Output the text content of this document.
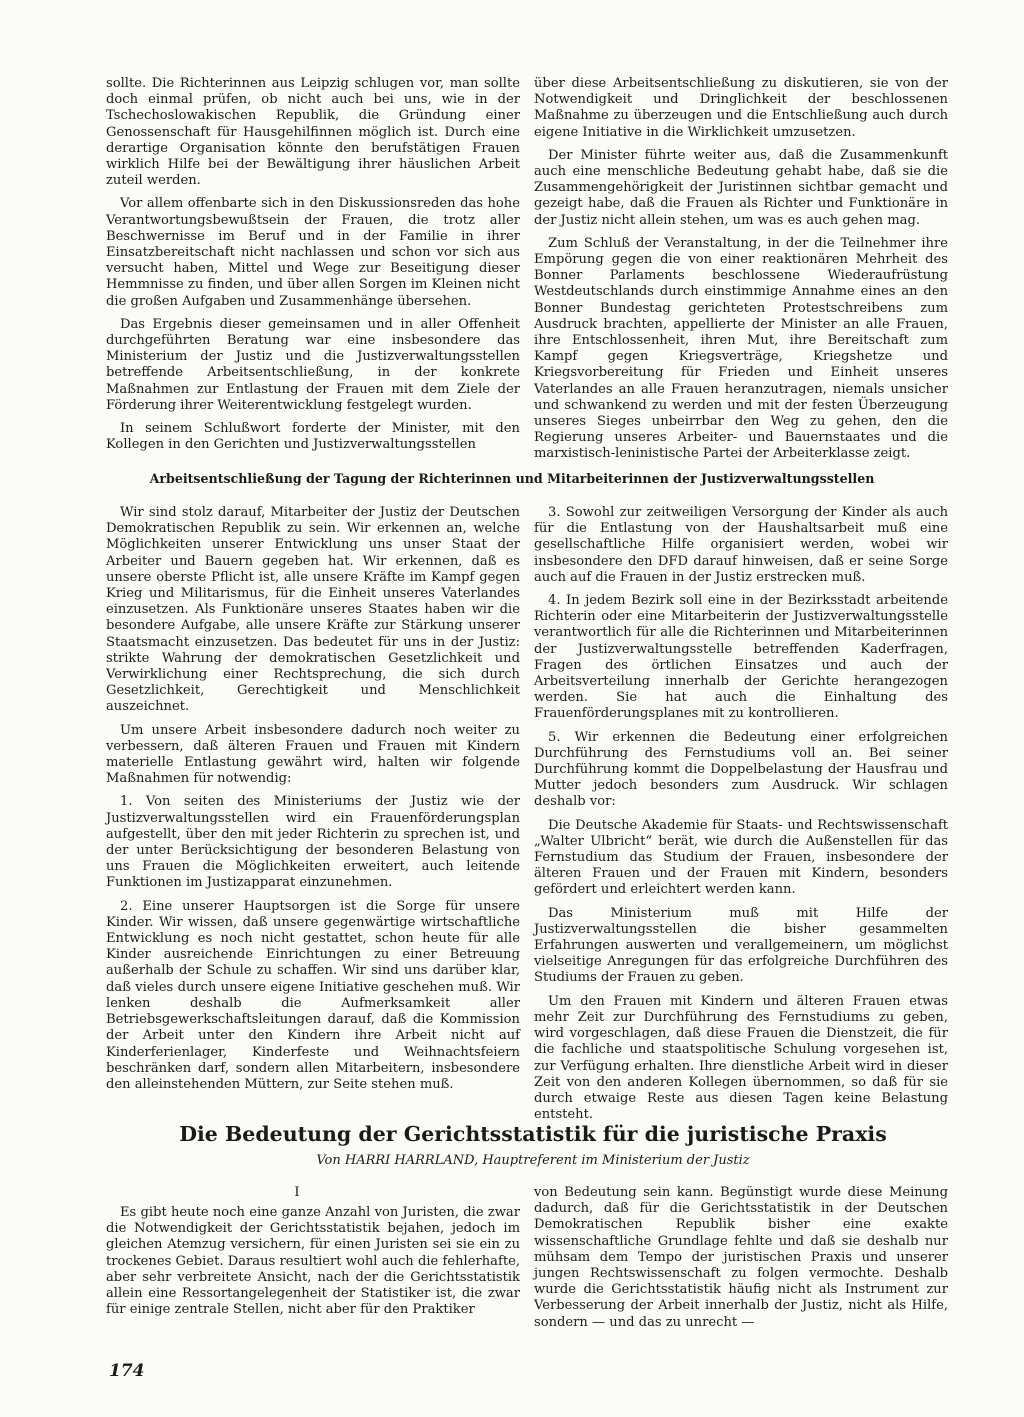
sollte. Die Richterinnen aus Leipzig schlugen vor, man sollte doch einmal prüfen, ob nicht auch bei uns, wie in der Tschechoslowakischen Republik, die Gründung einer Genossenschaft für Hausgehilfinnen möglich ist. Durch eine derartige Organisation könnte den berufstätigen Frauen wirklich Hilfe bei der Bewältigung ihrer häuslichen Arbeit zuteil werden.

Vor allem offenbarte sich in den Diskussionsreden das hohe Verantwortungsbewußtsein der Frauen, die trotz aller Beschwernisse im Beruf und in der Familie in ihrer Einsatzbereitschaft nicht nachlassen und schon vor sich aus versucht haben, Mittel und Wege zur Beseitigung dieser Hemmnisse zu finden, und über allen Sorgen im Kleinen nicht die großen Aufgaben und Zusammenhänge übersehen.

Das Ergebnis dieser gemeinsamen und in aller Offenheit durchgeführten Beratung war eine insbesondere das Ministerium der Justiz und die Justizverwaltungsstellen betreffende Arbeitsentschließung, in der konkrete Maßnahmen zur Entlastung der Frauen mit dem Ziele der Förderung ihrer Weiterentwicklung festgelegt wurden.

In seinem Schlußwort forderte der Minister, mit den Kollegen in den Gerichten und Justizverwaltungsstellen

über diese Arbeitsentschließung zu diskutieren, sie von der Notwendigkeit und Dringlichkeit der beschlossenen Maßnahme zu überzeugen und die Entschließung auch durch eigene Initiative in die Wirklichkeit umzusetzen.

Der Minister führte weiter aus, daß die Zusammenkunft auch eine menschliche Bedeutung gehabt habe, daß sie die Zusammengehörigkeit der Juristinnen sichtbar gemacht und gezeigt habe, daß die Frauen als Richter und Funktionäre in der Justiz nicht allein stehen, um was es auch gehen mag.

Zum Schluß der Veranstaltung, in der die Teilnehmer ihre Empörung gegen die von einer reaktionären Mehrheit des Bonner Parlaments beschlossene Wiederaufrüstung Westdeutschlands durch einstimmige Annahme eines an den Bonner Bundestag gerichteten Protestschreibens zum Ausdruck brachten, appellierte der Minister an alle Frauen, ihre Entschlossenheit, ihren Mut, ihre Bereitschaft zum Kampf gegen Kriegsverträge, Kriegshetze und Kriegsvorbereitung für Frieden und Einheit unseres Vaterlandes an alle Frauen heranzutragen, niemals unsicher und schwankend zu werden und mit der festen Überzeugung unseres Sieges unbeirrbar den Weg zu gehen, den die Regierung unseres Arbeiter- und Bauernstaates und die marxistisch-leninistische Partei der Arbeiterklasse zeigt.

Arbeitsentschließung der Tagung der Richterinnen und Mitarbeiterinnen der Justizverwaltungsstellen

Wir sind stolz darauf, Mitarbeiter der Justiz der Deutschen Demokratischen Republik zu sein. Wir erkennen an, welche Möglichkeiten unserer Entwicklung uns unser Staat der Arbeiter und Bauern gegeben hat. Wir erkennen, daß es unsere oberste Pflicht ist, alle unsere Kräfte im Kampf gegen Krieg und Militarismus, für die Einheit unseres Vaterlandes einzusetzen. Als Funktionäre unseres Staates haben wir die besondere Aufgabe, alle unsere Kräfte zur Stärkung unserer Staatsmacht einzusetzen. Das bedeutet für uns in der Justiz: strikte Wahrung der demokratischen Gesetzlichkeit und Verwirklichung einer Rechtsprechung, die sich durch Gesetzlichkeit, Gerechtigkeit und Menschlichkeit auszeichnet.

Um unsere Arbeit insbesondere dadurch noch weiter zu verbessern, daß älteren Frauen und Frauen mit Kindern materielle Entlastung gewährt wird, halten wir folgende Maßnahmen für notwendig:

1. Von seiten des Ministeriums der Justiz wie der Justizverwaltungsstellen wird ein Frauenförderungsplan aufgestellt, über den mit jeder Richterin zu sprechen ist, und der unter Berücksichtigung der besonderen Belastung von uns Frauen die Möglichkeiten erweitert, auch leitende Funktionen im Justizapparat einzunehmen.

2. Eine unserer Hauptsorgen ist die Sorge für unsere Kinder. Wir wissen, daß unsere gegenwärtige wirtschaftliche Entwicklung es noch nicht gestattet, schon heute für alle Kinder ausreichende Einrichtungen zu einer Betreuung außerhalb der Schule zu schaffen. Wir sind uns darüber klar, daß vieles durch unsere eigene Initiative geschehen muß. Wir lenken deshalb die Aufmerksamkeit aller Betriebsgewerkschaftsleitungen darauf, daß die Kommission der Arbeit unter den Kindern ihre Arbeit nicht auf Kinderferienlager, Kinderfeste und Weihnachtsfeiern beschränken darf, sondern allen Mitarbeitern, insbesondere den alleinstehenden Müttern, zur Seite stehen muß.

3. Sowohl zur zeitweiligen Versorgung der Kinder als auch für die Entlastung von der Haushaltsarbeit muß eine gesellschaftliche Hilfe organisiert werden, wobei wir insbesondere den DFD darauf hinweisen, daß er seine Sorge auch auf die Frauen in der Justiz erstrecken muß.

4. In jedem Bezirk soll eine in der Bezirksstadt arbeitende Richterin oder eine Mitarbeiterin der Justizverwaltungsstelle verantwortlich für alle die Richterinnen und Mitarbeiterinnen der Justizverwaltungsstelle betreffenden Kaderfragen, Fragen des örtlichen Einsatzes und auch der Arbeitsverteilung innerhalb der Gerichte herangezogen werden. Sie hat auch die Einhaltung des Frauenförderungsplanes mit zu kontrollieren.

5. Wir erkennen die Bedeutung einer erfolgreichen Durchführung des Fernstudiums voll an. Bei seiner Durchführung kommt die Doppelbelastung der Hausfrau und Mutter jedoch besonders zum Ausdruck. Wir schlagen deshalb vor:

Die Deutsche Akademie für Staats- und Rechtswissenschaft „Walter Ulbricht“ berät, wie durch die Außenstellen für das Fernstudium das Studium der Frauen, insbesondere der älteren Frauen und der Frauen mit Kindern, besonders gefördert und erleichtert werden kann.

Das Ministerium muß mit Hilfe der Justizverwaltungsstellen die bisher gesammelten Erfahrungen auswerten und verallgemeinern, um möglichst vielseitige Anregungen für das erfolgreiche Durchführen des Studiums der Frauen zu geben.

Um den Frauen mit Kindern und älteren Frauen etwas mehr Zeit zur Durchführung des Fernstudiums zu geben, wird vorgeschlagen, daß diese Frauen die Dienstzeit, die für die fachliche und staatspolitische Schulung vorgesehen ist, zur Verfügung erhalten. Ihre dienstliche Arbeit wird in dieser Zeit von den anderen Kollegen übernommen, so daß für sie durch etwaige Reste aus diesen Tagen keine Belastung entsteht.

Die Bedeutung der Gerichtsstatistik für die juristische Praxis
Von HARRI HARRLAND, Hauptreferent im Ministerium der Justiz
I

Es gibt heute noch eine ganze Anzahl von Juristen, die zwar die Notwendigkeit der Gerichtsstatistik bejahen, jedoch im gleichen Atemzug versichern, für einen Juristen sei sie ein zu trockenes Gebiet. Daraus resultiert wohl auch die fehlerhafte, aber sehr verbreitete Ansicht, nach der die Gerichtsstatistik allein eine Ressortangelegenheit der Statistiker ist, die zwar für einige zentrale Stellen, nicht aber für den Praktiker

von Bedeutung sein kann. Begünstigt wurde diese Meinung dadurch, daß für die Gerichtsstatistik in der Deutschen Demokratischen Republik bisher eine exakte wissenschaftliche Grundlage fehlte und daß sie deshalb nur mühsam dem Tempo der juristischen Praxis und unserer jungen Rechtswissenschaft zu folgen vermochte. Deshalb wurde die Gerichtsstatistik häufig nicht als Instrument zur Verbesserung der Arbeit innerhalb der Justiz, nicht als Hilfe, sondern — und das zu unrecht —

174
